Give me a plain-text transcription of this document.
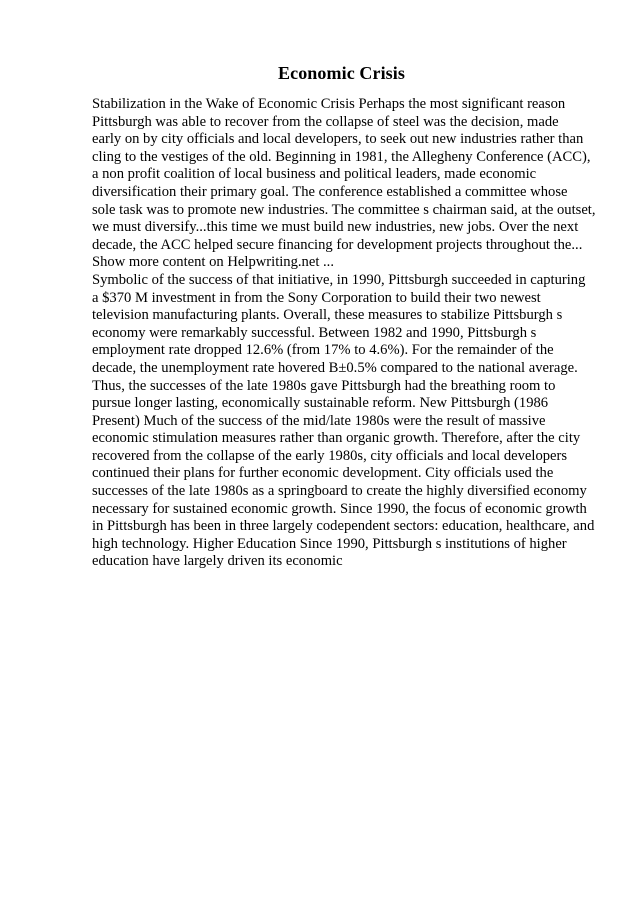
Economic Crisis
Stabilization in the Wake of Economic Crisis Perhaps the most significant reason
Pittsburgh was able to recover from the collapse of steel was the decision, made
early on by city officials and local developers, to seek out new industries rather than
cling to the vestiges of the old. Beginning in 1981, the Allegheny Conference (ACC),
a non profit coalition of local business and political leaders, made economic
diversification their primary goal. The conference established a committee whose
sole task was to promote new industries. The committee s chairman said, at the outset,
we must diversify...this time we must build new industries, new jobs. Over the next
decade, the ACC helped secure financing for development projects throughout the...
Show more content on Helpwriting.net ...
Symbolic of the success of that initiative, in 1990, Pittsburgh succeeded in capturing
a $370 M investment in from the Sony Corporation to build their two newest
television manufacturing plants. Overall, these measures to stabilize Pittsburgh s
economy were remarkably successful. Between 1982 and 1990, Pittsburgh s
employment rate dropped 12.6% (from 17% to 4.6%). For the remainder of the
decade, the unemployment rate hovered B±0.5% compared to the national average.
Thus, the successes of the late 1980s gave Pittsburgh had the breathing room to
pursue longer lasting, economically sustainable reform. New Pittsburgh (1986
Present) Much of the success of the mid/late 1980s were the result of massive
economic stimulation measures rather than organic growth. Therefore, after the city
recovered from the collapse of the early 1980s, city officials and local developers
continued their plans for further economic development. City officials used the
successes of the late 1980s as a springboard to create the highly diversified economy
necessary for sustained economic growth. Since 1990, the focus of economic growth
in Pittsburgh has been in three largely codependent sectors: education, healthcare, and
high technology. Higher Education Since 1990, Pittsburgh s institutions of higher
education have largely driven its economic
